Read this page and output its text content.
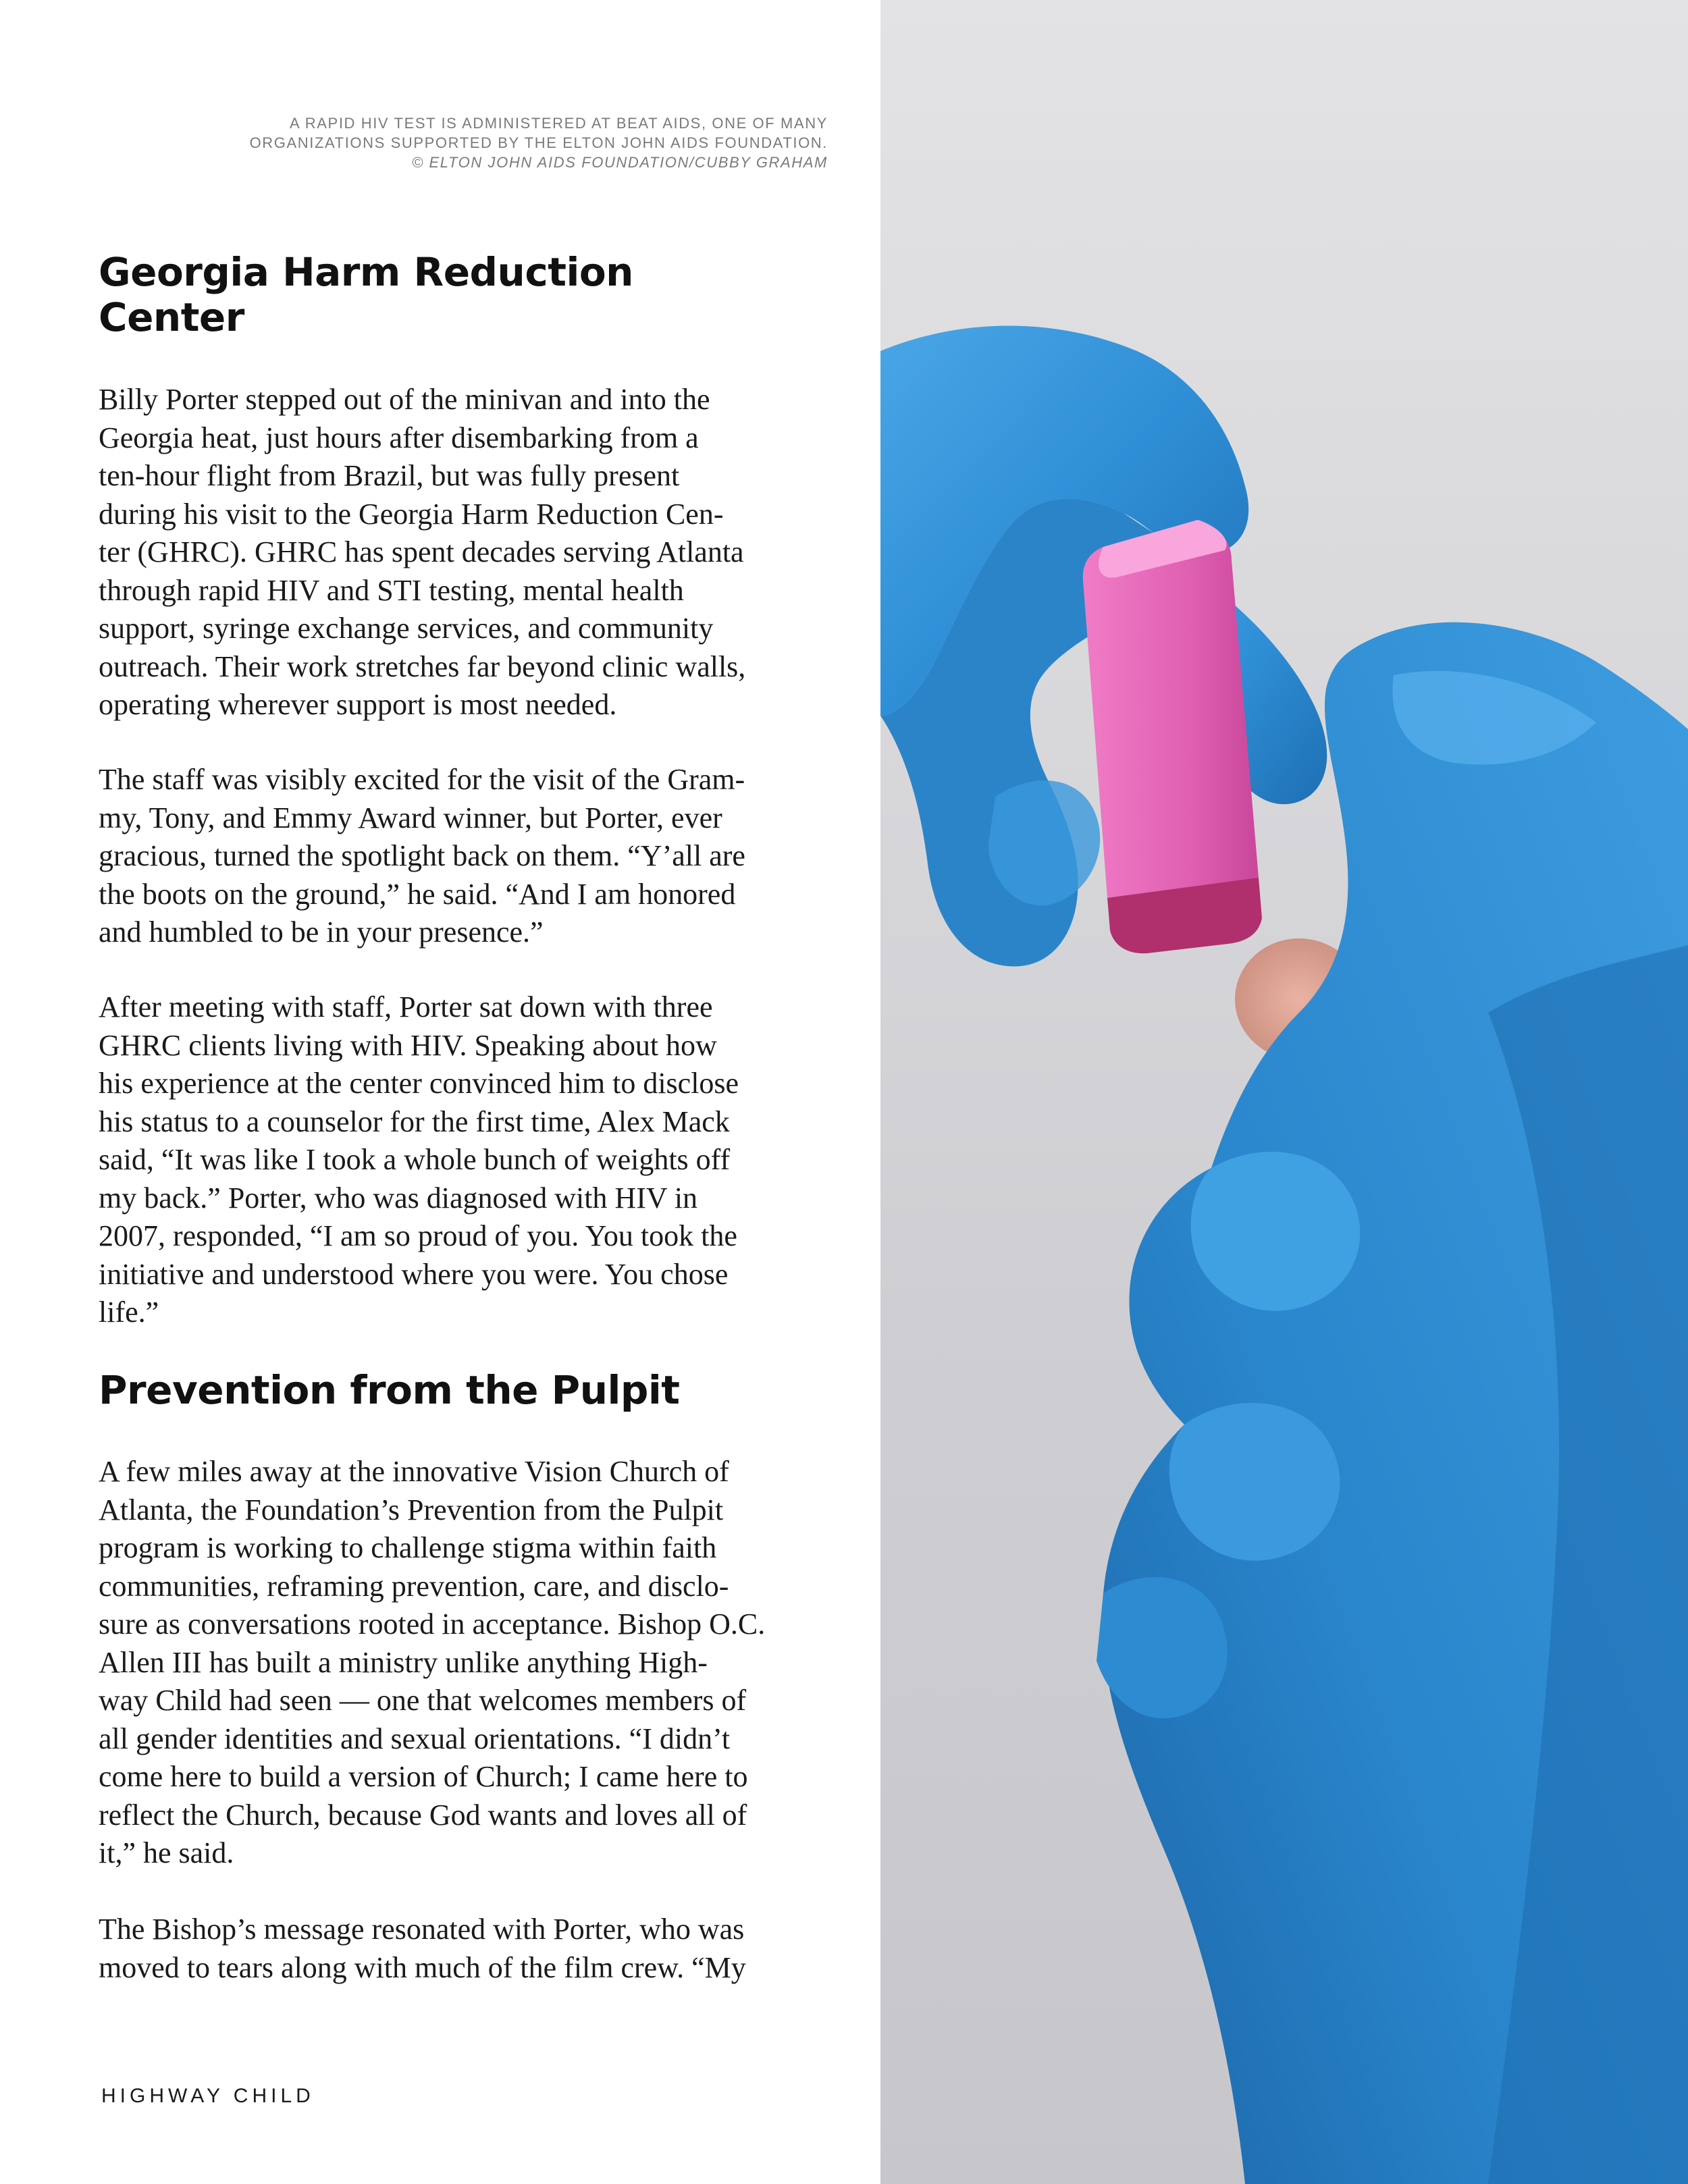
A RAPID HIV TEST IS ADMINISTERED AT BEAT AIDS, ONE OF MANY
ORGANIZATIONS SUPPORTED BY THE ELTON JOHN AIDS FOUNDATION.
© ELTON JOHN AIDS FOUNDATION/CUBBY GRAHAM
Georgia Harm Reduction
Center
Billy Porter stepped out of the minivan and into the
Georgia heat, just hours after disembarking from a
ten-hour flight from Brazil, but was fully present
during his visit to the Georgia Harm Reduction Cen-
ter (GHRC). GHRC has spent decades serving Atlanta
through rapid HIV and STI testing, mental health
support, syringe exchange services, and community
outreach. Their work stretches far beyond clinic walls,
operating wherever support is most needed.
The staff was visibly excited for the visit of the Gram-
my, Tony, and Emmy Award winner, but Porter, ever
gracious, turned the spotlight back on them. “Y’all are
the boots on the ground,” he said. “And I am honored
and humbled to be in your presence.”
After meeting with staff, Porter sat down with three
GHRC clients living with HIV. Speaking about how
his experience at the center convinced him to disclose
his status to a counselor for the first time, Alex Mack
said, “It was like I took a whole bunch of weights off
my back.” Porter, who was diagnosed with HIV in
2007, responded, “I am so proud of you. You took the
initiative and understood where you were. You chose
life.”
Prevention from the Pulpit
A few miles away at the innovative Vision Church of
Atlanta, the Foundation’s Prevention from the Pulpit
program is working to challenge stigma within faith
communities, reframing prevention, care, and disclo-
sure as conversations rooted in acceptance. Bishop O.C.
Allen III has built a ministry unlike anything High-
way Child had seen — one that welcomes members of
all gender identities and sexual orientations. “I didn’t
come here to build a version of Church; I came here to
reflect the Church, because God wants and loves all of
it,” he said.
The Bishop’s message resonated with Porter, who was
moved to tears along with much of the film crew. “My
HIGHWAY CHILD
